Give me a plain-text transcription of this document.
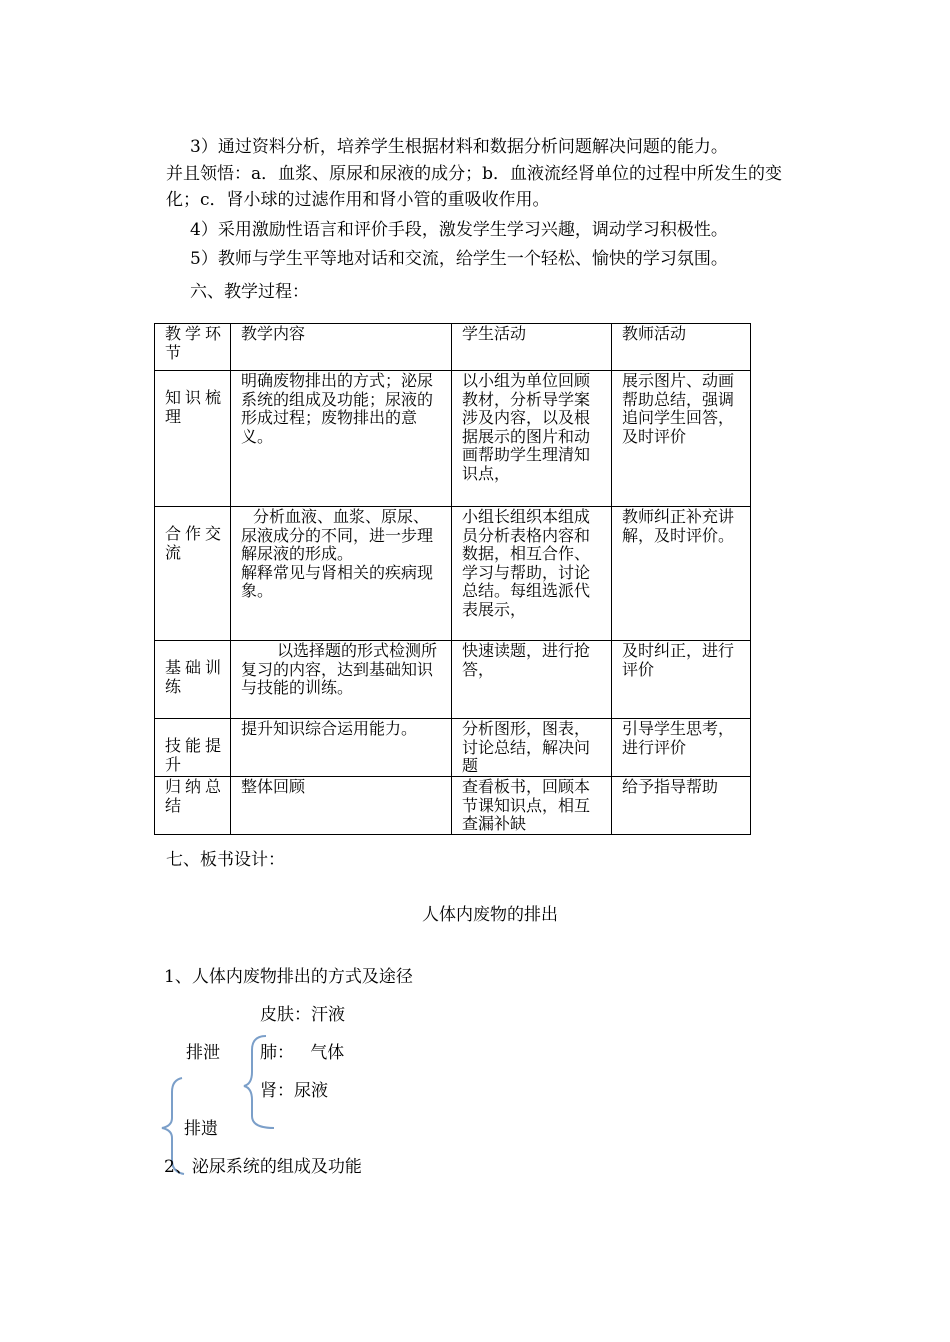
3）通过资料分析，培养学生根据材料和数据分析问题解决问题的能力。

并且领悟：a．血浆、原尿和尿液的成分；b．血液流经肾单位的过程中所发生的变化；c．肾小球的过滤作用和肾小管的重吸收作用。

4）采用激励性语言和评价手段，激发学生学习兴趣，调动学习积极性。

5）教师与学生平等地对话和交流，给学生一个轻松、愉快的学习氛围。

六、教学过程：

教学环节	教学内容	学生活动	教师活动
知识梳理	明确废物排出的方式；泌尿系统的组成及功能；尿液的形成过程；废物排出的意义。	以小组为单位回顾教材，分析导学案涉及内容，以及根据展示的图片和动画帮助学生理清知识点，	展示图片、动画
帮助总结，强调
追问学生回答，
及时评价
合作交流	分析血液、血浆、原尿、尿液成分的不同，进一步理解尿液的形成。
解释常见与肾相关的疾病现象。	小组长组织本组成员分析表格内容和数据，相互合作、学习与帮助，讨论总结。每组选派代表展示，	教师纠正补充讲解，及时评价。
基础训练	以选择题的形式检测所复习的内容，达到基础知识与技能的训练。	快速读题，进行抢答，	及时纠正，进行评价
技能提升	提升知识综合运用能力。	分析图形，图表，讨论总结，解决问题	引导学生思考，进行评价
归纳总结	整体回顾	查看板书，回顾本节课知识点，相互查漏补缺	给予指导帮助

七、板书设计：

人体内废物的排出

1、人体内废物排出的方式及途径

皮肤：汗液

排泄 肺：   气体

肾：尿液

排遗

2、泌尿系统的组成及功能
